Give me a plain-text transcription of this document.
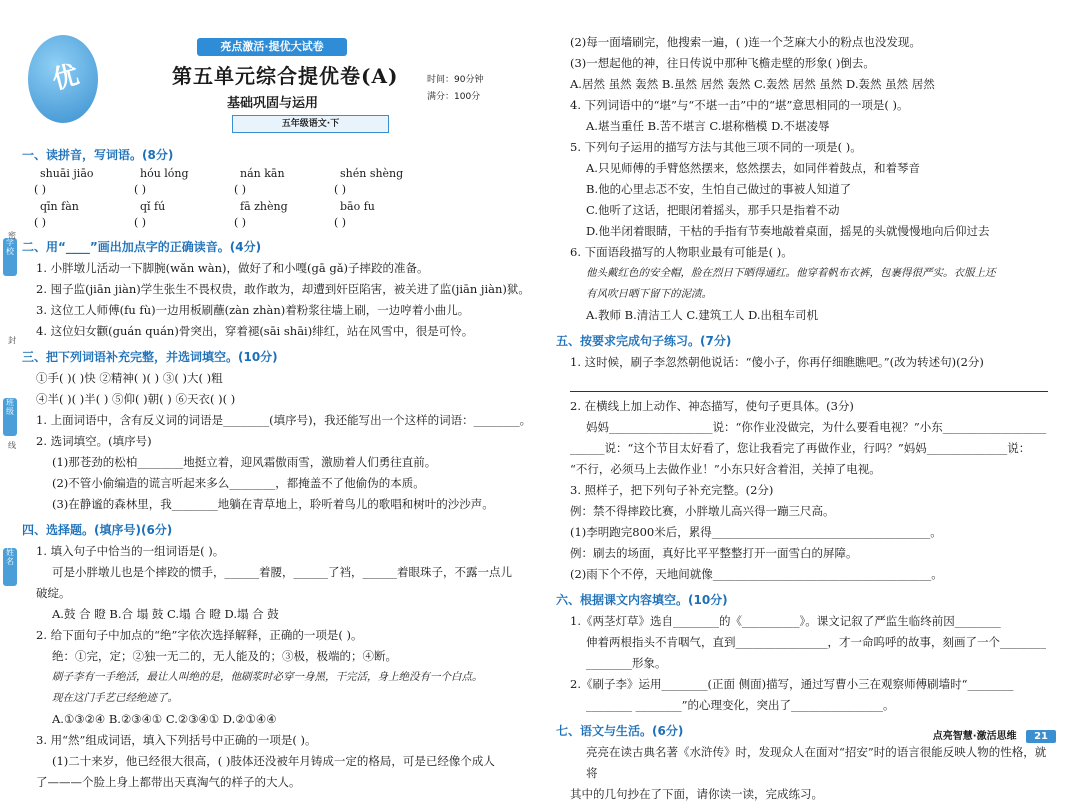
学校
班级
姓名
密
封
线
优
亮点激活·提优大试卷
第五单元综合提优卷(A)
基础巩固与运用
时间：90分钟
满分：100分
五年级语文·下
一、读拼音，写词语。(8分)
shuāi jiāo	hóu lóng	nán kān	shén shèng
( )	( )	( )	( )
qīn fàn	qǐ fú	fā zhèng	bāo fu
( )	( )	( )	( )
二、用“____”画出加点字的正确读音。(4分)
1. 小胖墩儿活动一下脚腕(wǎn wàn)，做好了和小嘎(gā gǎ)子摔跤的准备。
2. 囤子监(jiān jiàn)学生张生不畏权贵，敢作敢为，却遭到奸臣陷害，被关进了监(jiān jiàn)狱。
3. 这位工人师傅(fu fù)一边用板刷蘸(zàn zhàn)着粉浆往墙上刷，一边哼着小曲儿。
4. 这位妇女颧(guán quán)骨突出，穿着褪(sāi shāi)绯红，站在风雪中，很是可怜。
三、把下列词语补充完整，并选词填空。(10分)
①手( )( )快 ②精神( )( ) ③( )大( )粗
④半( )( )半( ) ⑤仰( )朝( ) ⑥天衣( )( )
1. 上面词语中，含有反义词的词语是________(填序号)，我还能写出一个这样的词语：________。
2. 选词填空。(填序号)
(1)那苍劲的松柏________地挺立着，迎风霜傲雨雪，激励着人们勇往直前。
(2)不管小偷编造的谎言听起来多么________，都掩盖不了他偷伪的本质。
(3)在静谧的森林里，我________地躺在青草地上，聆听着鸟儿的歌唱和树叶的沙沙声。
四、选择题。(填序号)(6分)
1. 填入句子中恰当的一组词语是( )。
可是小胖墩儿也是个摔跤的惯手，______着腰，______了裆，______着眼珠子，不露一点儿
破绽。
A.鼓 合 瞪 B.合 塌 鼓 C.塌 合 瞪 D.塌 合 鼓
2. 给下面句子中加点的“绝”字依次选择解释，正确的一项是( )。
绝：①完，定；②独一无二的，无人能及的；③极，极端的；④断。
刷子李有一手绝活，最让人叫绝的是，他刷浆时必穿一身黑，干完活，身上绝没有一个白点。
现在这门手艺已经绝迹了。
A.①③②④ B.②③④① C.②③④① D.②①④④
3. 用“然”组成词语，填入下列括号中正确的一项是( )。
(1)二十来岁，他已经很大很高，( )肢体还没被年月铸成一定的格局，可是已经像个成人
了———个脸上身上都带出天真淘气的样子的大人。
(2)每一面墙刷完，他搜索一遍，( )连一个芝麻大小的粉点也没发现。
(3)一想起他的神，往日传说中那种飞檐走壁的形象( )倒去。
A.居然 虽然 轰然 B.虽然 居然 轰然 C.轰然 居然 虽然 D.轰然 虽然 居然
4. 下列词语中的“堪”与“不堪一击”中的“堪”意思相同的一项是( )。
A.堪当重任 B.苦不堪言 C.堪称楷模 D.不堪凌辱
5. 下列句子运用的描写方法与其他三项不同的一项是( )。
A.只见师傅的手臂悠然摆来，悠然摆去，如同伴着鼓点，和着琴音
B.他的心里忐忑不安，生怕自己做过的事被人知道了
C.他听了这话，把眼闭着摇头，那手只是指着不动
D.他半闭着眼睛，干枯的手指有节奏地敲着桌面，摇晃的头就慢慢地向后仰过去
6. 下面语段描写的人物职业最有可能是( )。
他头戴红色的安全帽，脸在烈日下晒得通红。他穿着帆布衣裤，包裹得很严实。衣服上还
有风吹日晒下留下的泥渍。
A.教师 B.清洁工人 C.建筑工人 D.出租车司机
五、按要求完成句子练习。(7分)
1. 这时候，刷子李忽然朝他说话：“傻小子，你再仔细瞧瞧吧。”(改为转述句)(2分)
2. 在横线上加上动作、神态描写，使句子更具体。(3分)
妈妈__________________说：“你作业没做完，为什么要看电视？”小东__________________
______说：“这个节目太好看了，您让我看完了再做作业，行吗？”妈妈______________说：
“不行，必须马上去做作业！”小东只好含着泪，关掉了电视。
3. 照样子，把下列句子补充完整。(2分)
例：禁不得摔跤比赛，小胖墩儿高兴得一蹦三尺高。
(1)李明跑完800米后，累得______________________________________。
例：刷去的场面，真好比平平整整打开一面雪白的屏障。
(2)雨下个不停，天地间就像______________________________________。
六、根据课文内容填空。(10分)
1.《两茎灯草》选自________的《__________》。课文记叙了严监生临终前因________
伸着两根指头不肯咽气，直到________________，才一命呜呼的故事，刻画了一个________
________形象。
2.《刷子李》运用________(正面 侧面)描写，通过写曹小三在观察师傅刷墙时“________
________ ________”的心理变化，突出了________________。
七、语文与生活。(6分)
亮亮在读古典名著《水浒传》时，发现众人在面对“招安”时的语言很能反映人物的性格，就将
其中的几句抄在了下面，请你读一读，完成练习。
点亮智慧·激活思维 21
